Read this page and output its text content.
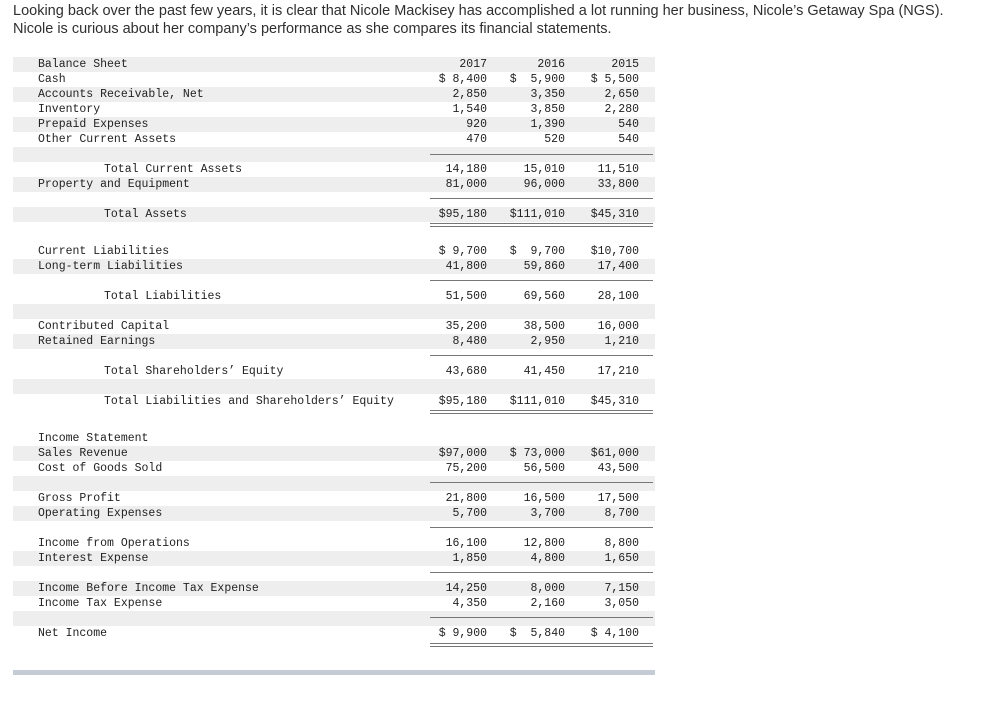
Looking back over the past few years, it is clear that Nicole Mackisey has accomplished a lot running her business, Nicole’s Getaway Spa (NGS). Nicole is curious about her company’s performance as she compares its financial statements.
Balance Sheet	2017	2016	2015
Cash	$ 8,400	$  5,900	$ 5,500
Accounts Receivable, Net	2,850	3,350	2,650
Inventory	1,540	3,850	2,280
Prepaid Expenses	920	1,390	540
Other Current Assets	470	520	540
Total Current Assets	14,180	15,010	11,510
Property and Equipment	81,000	96,000	33,800
Total Assets	$95,180	$111,010	$45,310
Current Liabilities	$ 9,700	$  9,700	$10,700
Long-term Liabilities	41,800	59,860	17,400
Total Liabilities	51,500	69,560	28,100
Contributed Capital	35,200	38,500	16,000
Retained Earnings	8,480	2,950	1,210
Total Shareholders’ Equity	43,680	41,450	17,210
Total Liabilities and Shareholders’ Equity	$95,180	$111,010	$45,310
Income Statement
Sales Revenue	$97,000	$ 73,000	$61,000
Cost of Goods Sold	75,200	56,500	43,500
Gross Profit	21,800	16,500	17,500
Operating Expenses	5,700	3,700	8,700
Income from Operations	16,100	12,800	8,800
Interest Expense	1,850	4,800	1,650
Income Before Income Tax Expense	14,250	8,000	7,150
Income Tax Expense	4,350	2,160	3,050
Net Income	$ 9,900	$  5,840	$ 4,100
